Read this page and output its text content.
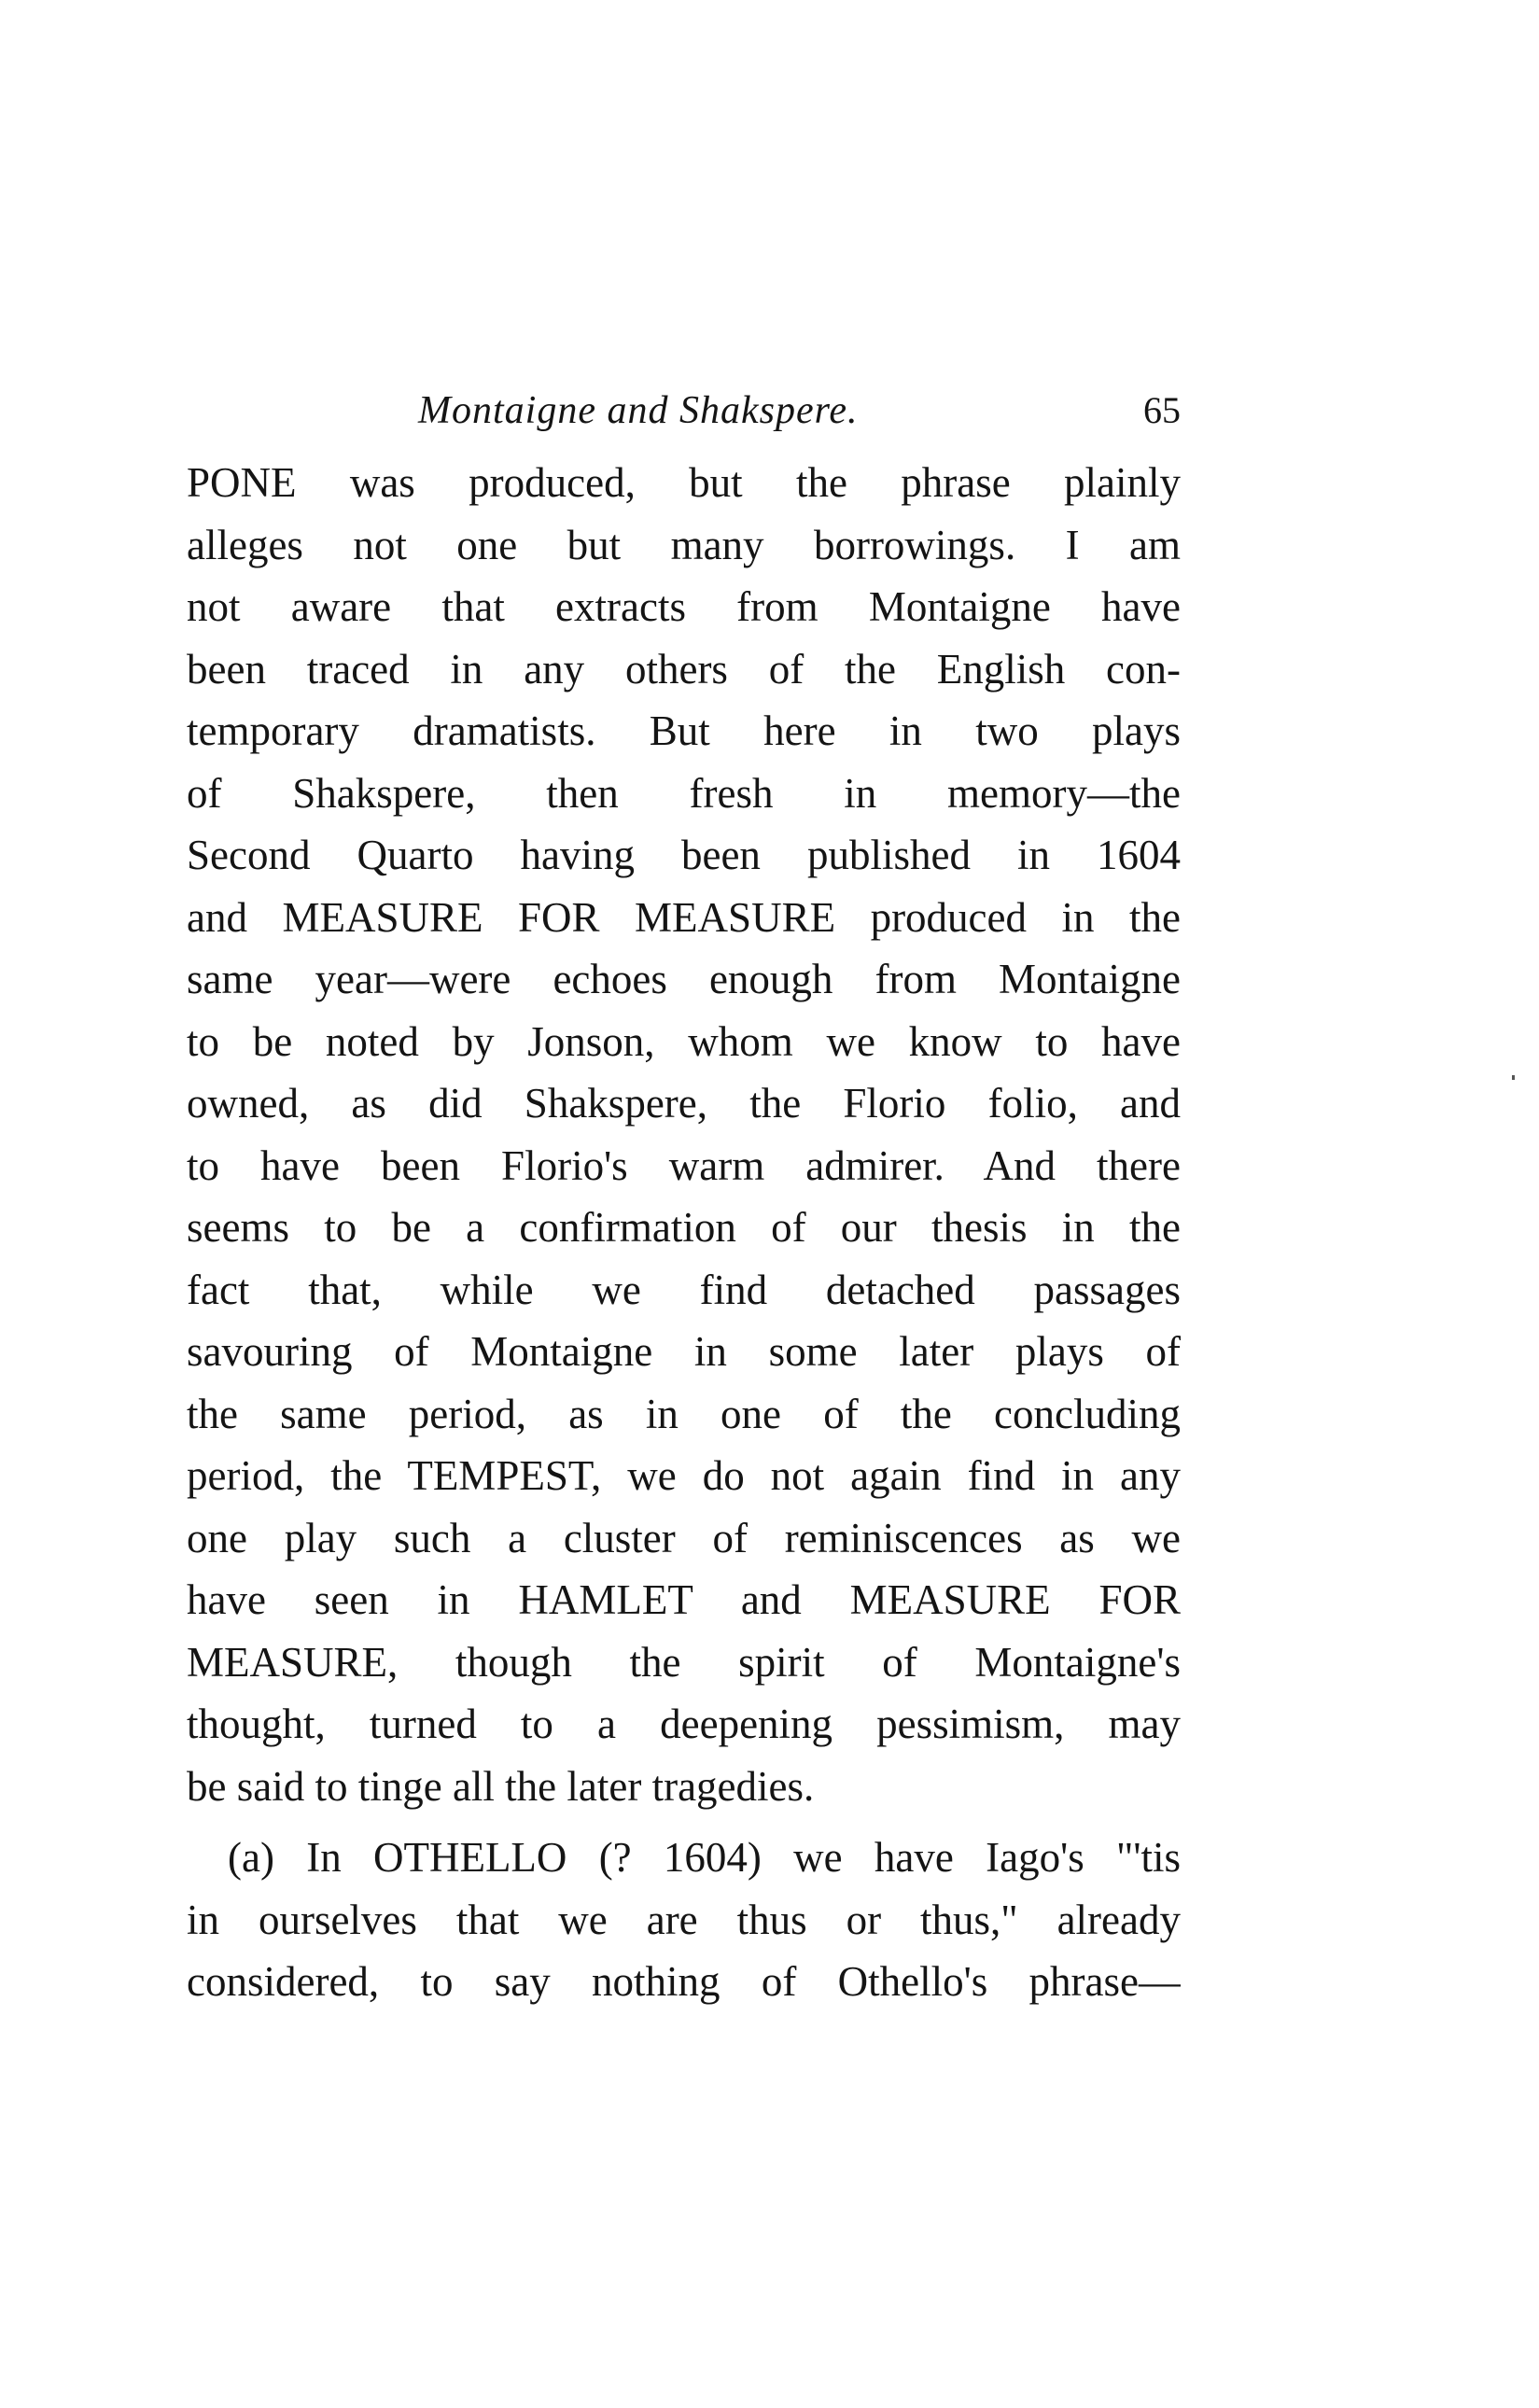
Montaigne and Shakspere.	65
PONE was produced, but the phrase plainly
alleges not one but many borrowings. I am
not aware that extracts from Montaigne have
been traced in any others of the English con-
temporary dramatists. But here in two plays
of Shakspere, then fresh in memory—the
Second Quarto having been published in 1604
and MEASURE FOR MEASURE produced in the
same year—were echoes enough from Montaigne
to be noted by Jonson, whom we know to have
owned, as did Shakspere, the Florio folio, and
to have been Florio's warm admirer. And there
seems to be a confirmation of our thesis in the
fact that, while we find detached passages
savouring of Montaigne in some later plays of
the same period, as in one of the concluding
period, the TEMPEST, we do not again find in any
one play such a cluster of reminiscences as we
have seen in HAMLET and MEASURE FOR
MEASURE, though the spirit of Montaigne's
thought, turned to a deepening pessimism, may
be said to tinge all the later tragedies.
(a) In OTHELLO (? 1604) we have Iago's "'tis
in ourselves that we are thus or thus," already
considered, to say nothing of Othello's phrase—
